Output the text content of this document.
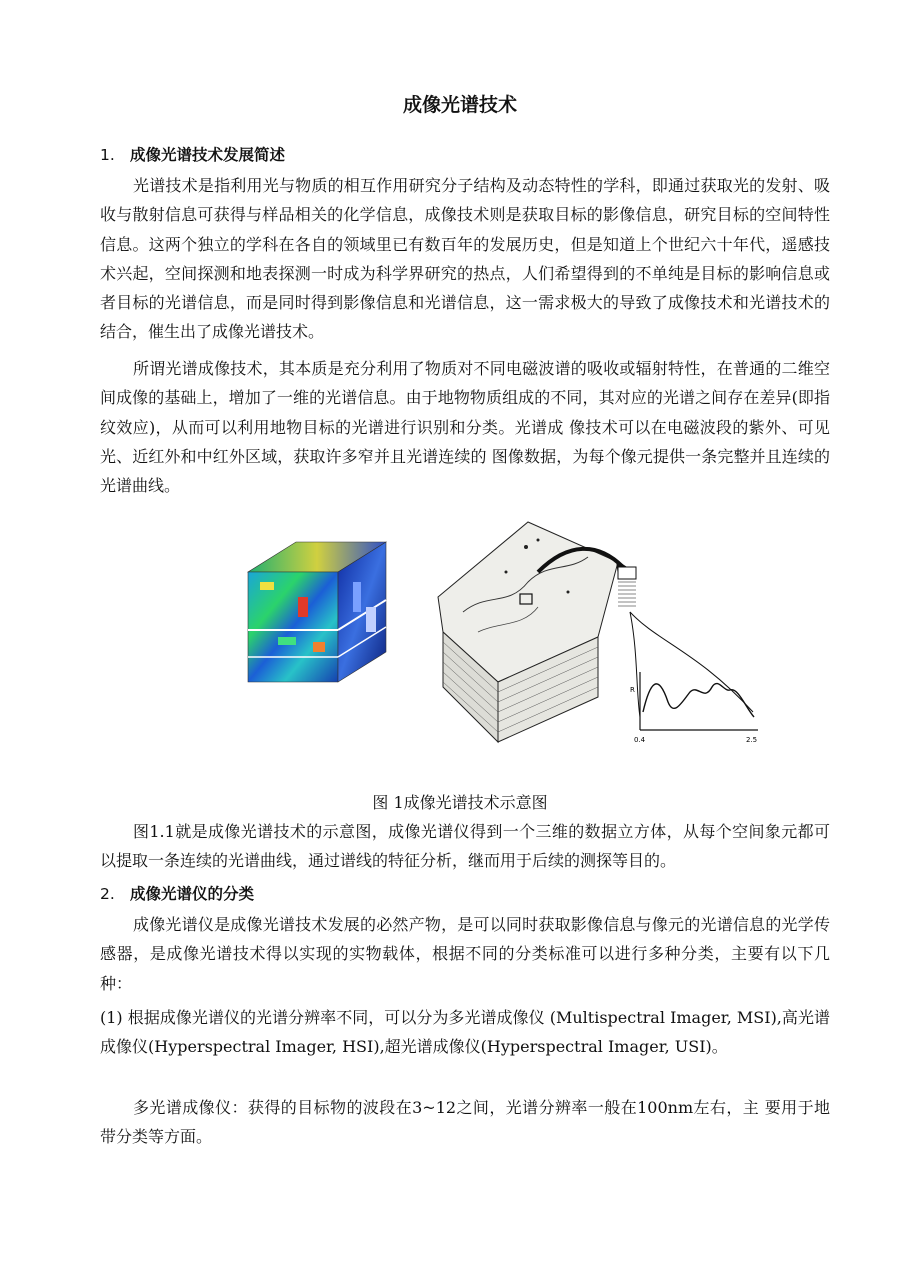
成像光谱技术
1. 成像光谱技术发展简述

光谱技术是指利用光与物质的相互作用研究分子结构及动态特性的学科，即通过获取光的发射、吸收与散射信息可获得与样品相关的化学信息，成像技术则是获取目标的影像信息，研究目标的空间特性信息。这两个独立的学科在各自的领域里已有数百年的发展历史，但是知道上个世纪六十年代，遥感技术兴起，空间探测和地表探测一时成为科学界研究的热点，人们希望得到的不单纯是目标的影响信息或者目标的光谱信息，而是同时得到影像信息和光谱信息，这一需求极大的导致了成像技术和光谱技术的结合，催生出了成像光谱技术。

所谓光谱成像技术，其本质是充分利用了物质对不同电磁波谱的吸收或辐射特性，在普通的二维空间成像的基础上，增加了一维的光谱信息。由于地物物质组成的不同，其对应的光谱之间存在差异(即指纹效应)，从而可以利用地物目标的光谱进行识别和分类。光谱成 像技术可以在电磁波段的紫外、可见光、近红外和中红外区域，获取许多窄并且光谱连续的 图像数据，为每个像元提供一条完整并且连续的光谱曲线。

R
0.4	2.5
图 1成像光谱技术示意图

图1.1就是成像光谱技术的示意图，成像光谱仪得到一个三维的数据立方体，从每个空间象元都可以提取一条连续的光谱曲线，通过谱线的特征分析，继而用于后续的测探等目的。

2. 成像光谱仪的分类

成像光谱仪是成像光谱技术发展的必然产物，是可以同时获取影像信息与像元的光谱信息的光学传感器，是成像光谱技术得以实现的实物载体，根据不同的分类标准可以进行多种分类，主要有以下几种：

(1) 根据成像光谱仪的光谱分辨率不同，可以分为多光谱成像仪 (Multispectral Imager, MSI),高光谱成像仪(Hyperspectral Imager, HSI),超光谱成像仪(Hyperspectral Imager, USI)。

多光谱成像仪：获得的目标物的波段在3~12之间，光谱分辨率一般在100nm左右，主 要用于地带分类等方面。
